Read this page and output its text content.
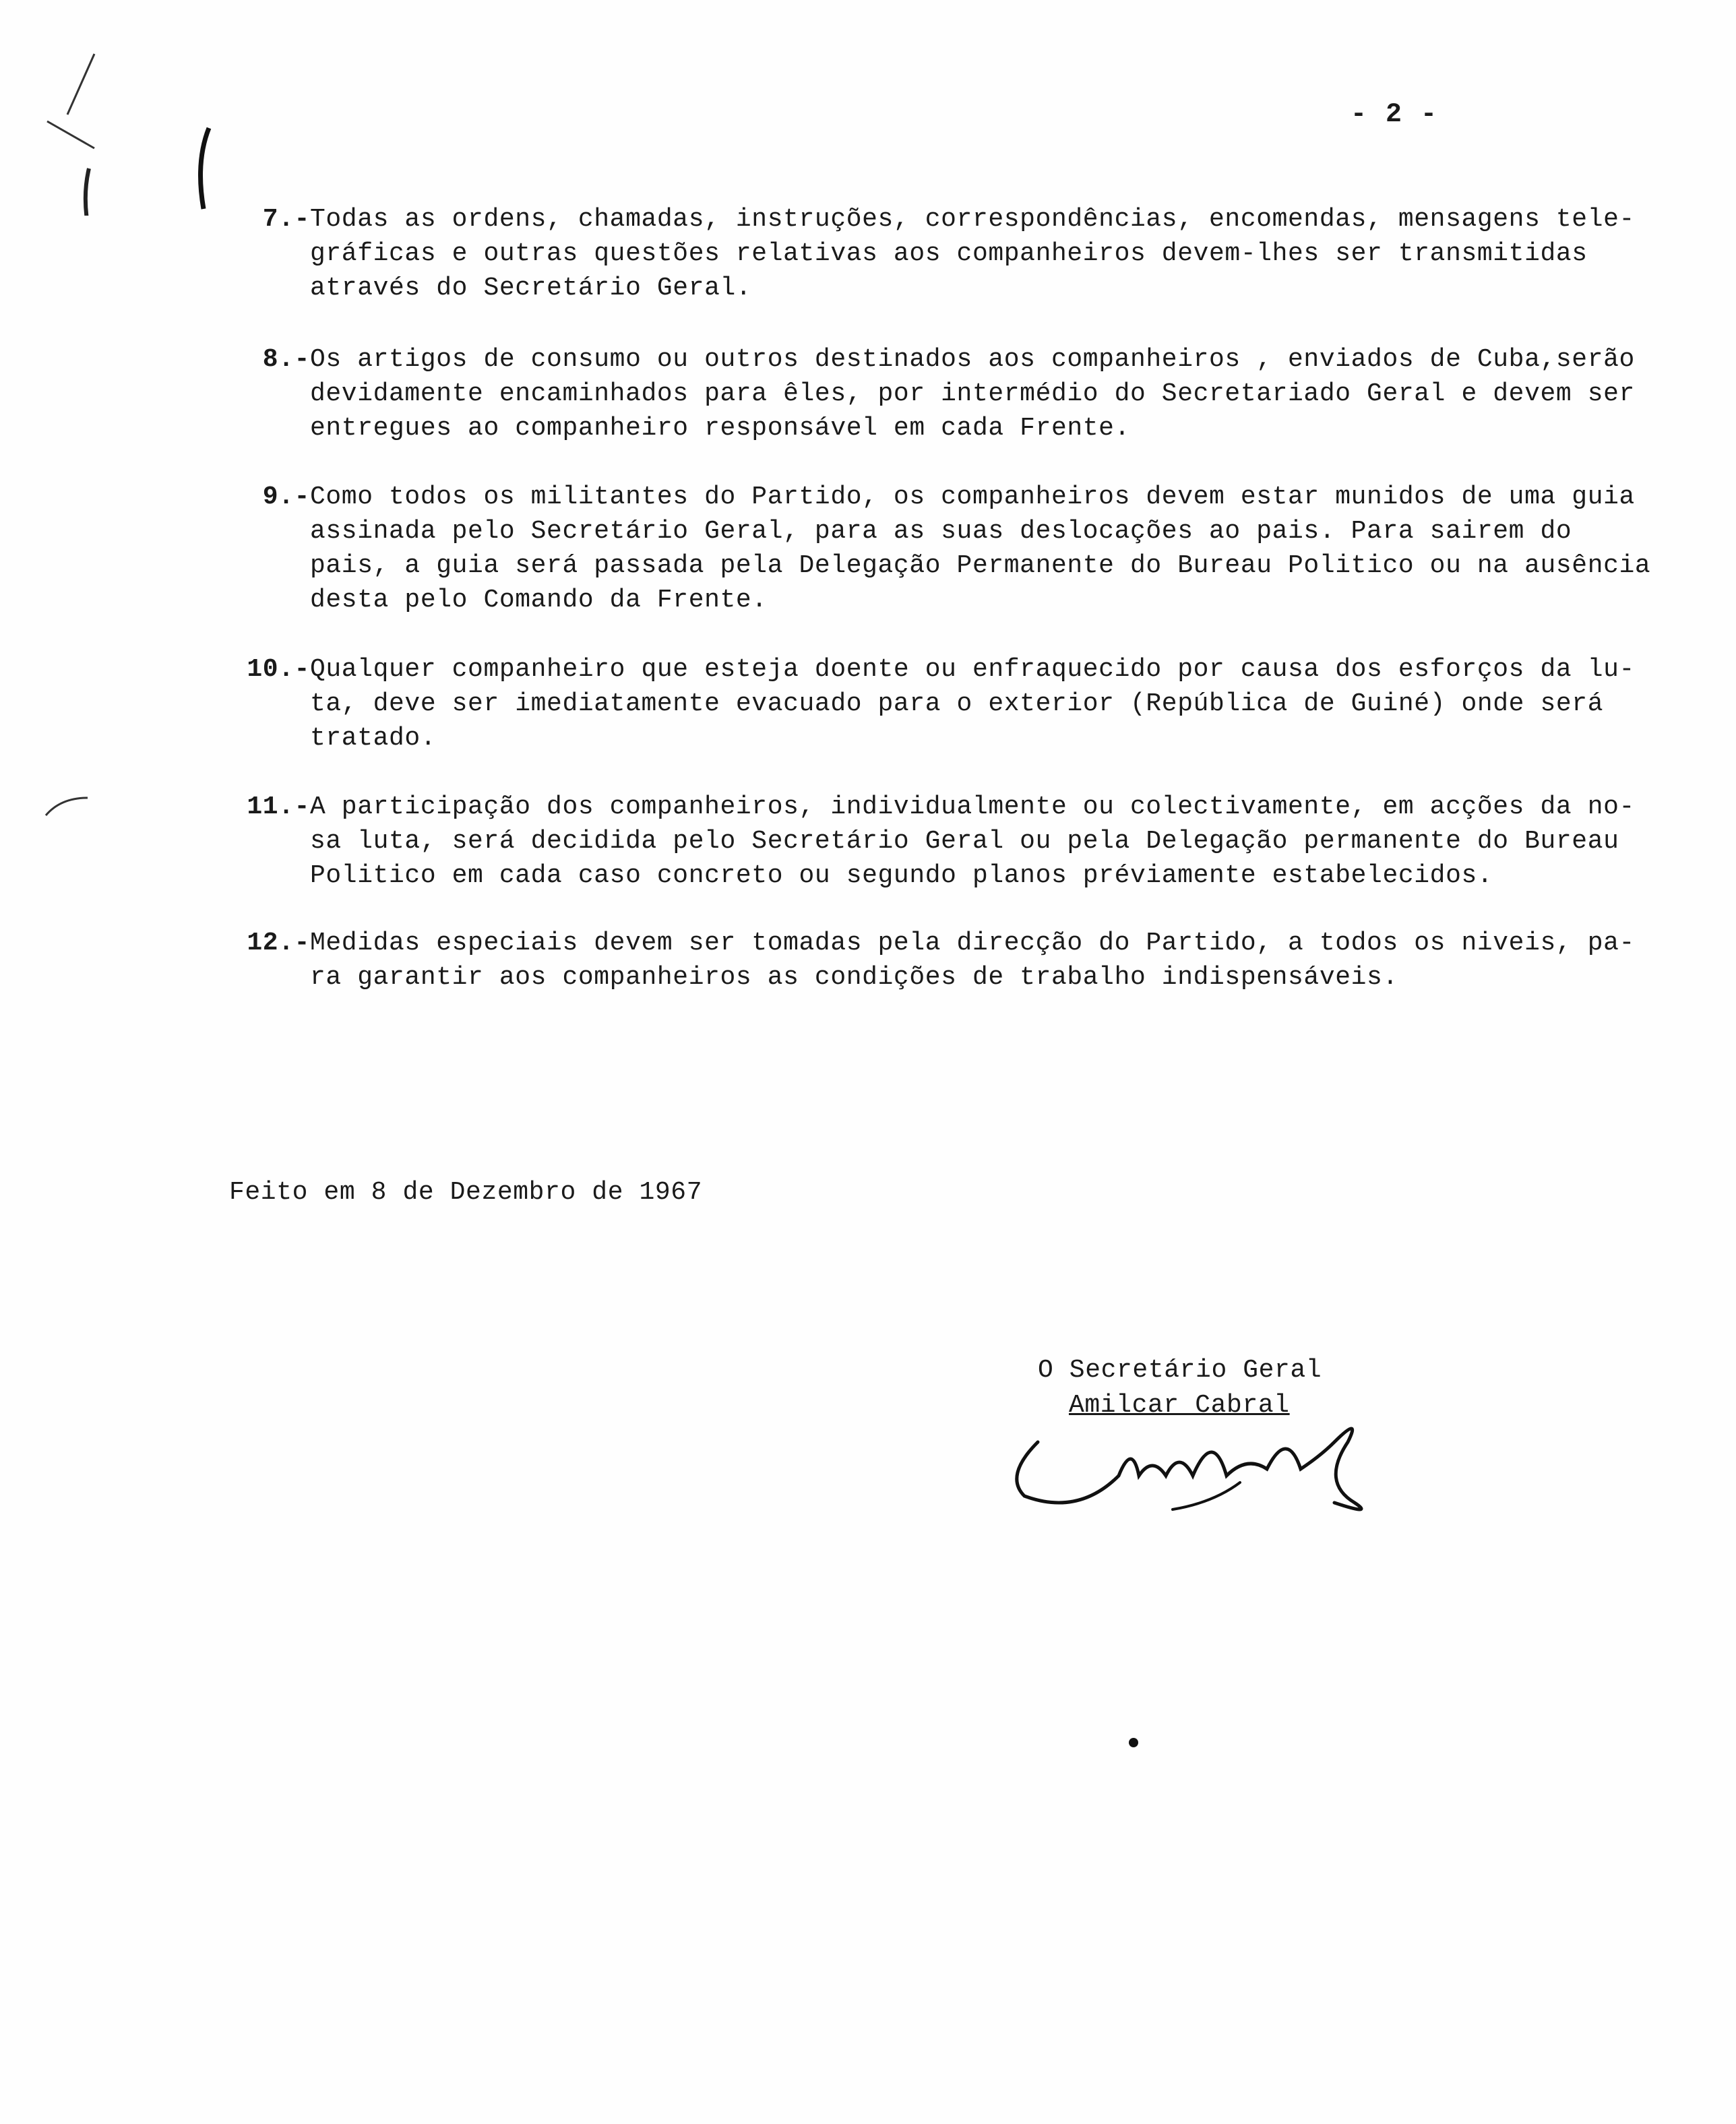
- 2 -
7.- Todas as ordens, chamadas, instruções, correspondências, encomendas, mensagens tele-
gráficas e outras questões relativas aos companheiros devem-lhes ser transmitidas
através do Secretário Geral.
8.- Os artigos de consumo ou outros destinados aos companheiros , enviados de Cuba,serão
devidamente encaminhados para êles, por intermédio do Secretariado Geral e devem ser
entregues ao companheiro responsável em cada Frente.
9.- Como todos os militantes do Partido, os companheiros devem estar munidos de uma guia
assinada pelo Secretário Geral, para as suas deslocações ao pais. Para sairem do
pais, a guia será passada pela Delegação Permanente do Bureau Politico ou na ausência
desta pelo Comando da Frente.
10.- Qualquer companheiro que esteja doente ou enfraquecido por causa dos esforços da lu-
ta, deve ser imediatamente evacuado para o exterior (República de Guiné) onde será
tratado.
11.- A participação dos companheiros, individualmente ou colectivamente, em acções da no-
sa luta, será decidida pelo Secretário Geral ou pela Delegação permanente do Bureau
Politico em cada caso concreto ou segundo planos préviamente estabelecidos.
12.- Medidas especiais devem ser tomadas pela direcção do Partido, a todos os niveis, pa-
ra garantir aos companheiros as condições de trabalho indispensáveis.
Feito em 8 de Dezembro de 1967
O Secretário Geral
Amilcar Cabral
